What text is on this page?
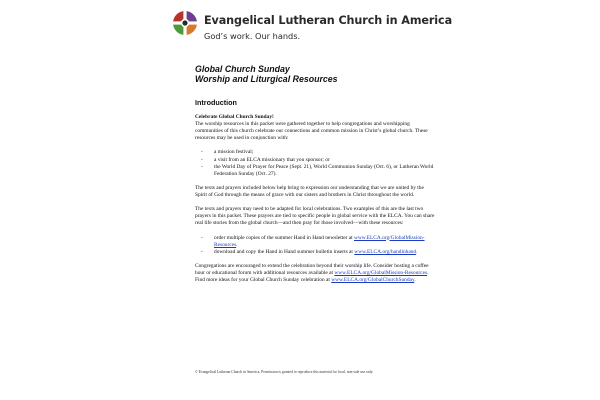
Evangelical Lutheran Church in America
God’s work. Our hands.
Global Church Sunday
Worship and Liturgical Resources
Introduction

Celebrate Global Church Sunday!
The worship resources in this packet were gathered together to help congregations and worshipping communities of this church celebrate our connections and common mission in Christ’s global church. These resources may be used in conjunction with:

- a mission festival;
- a visit from an ELCA missionary that you sponsor; or
- the World Day of Prayer for Peace (Sept. 21), World Communion Sunday (Oct. 6), or Lutheran World Federation Sunday (Oct. 27).

The texts and prayers included below help bring to expression our understanding that we are united by the Spirit of God through the means of grace with our sisters and brothers in Christ throughout the world.

The texts and prayers may need to be adapted for local celebrations. Two examples of this are the last two prayers in this packet. These prayers are tied to specific people in global service with the ELCA. You can share real life stories from the global church—and then pray for those involved—with these resources:

- order multiple copies of the summer Hand in Hand newsletter at www.ELCA.org/GlobalMission-Resources.
- download and copy the Hand in Hand summer bulletin inserts at www.ELCA.org/handinhand.

Congregations are encouraged to extend the celebration beyond their worship life. Consider hosting a coffee hour or educational forum with additional resources available at www.ELCA.org/GlobalMission-Resources. Find more ideas for your Global Church Sunday celebration at www.ELCA.org/GlobalChurchSunday.

© Evangelical Lutheran Church in America. Permission is granted to reproduce this material for local, non-sale use only.
